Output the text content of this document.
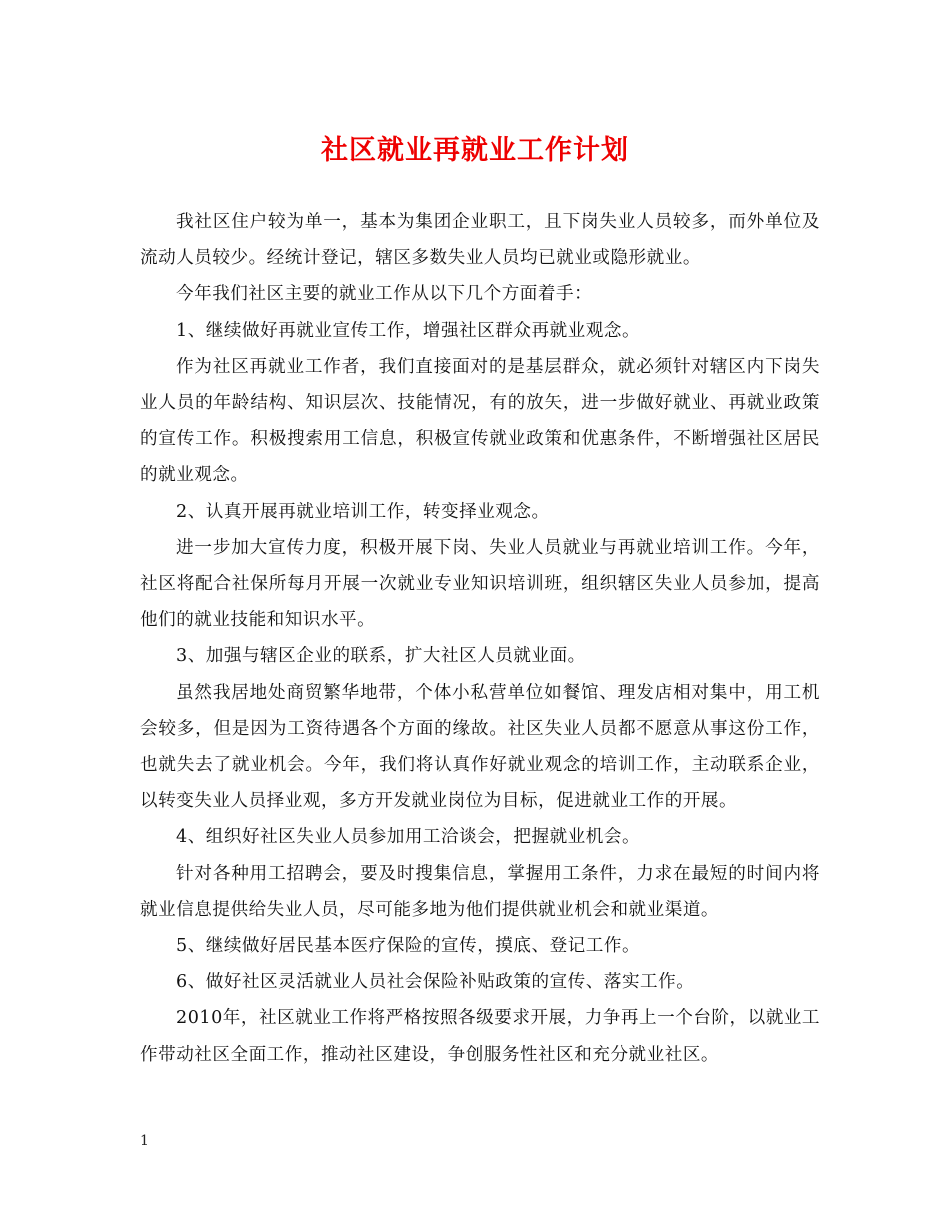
社区就业再就业工作计划

我社区住户较为单一，基本为集团企业职工，且下岗失业人员较多，而外单位及流动人员较少。经统计登记，辖区多数失业人员均已就业或隐形就业。

今年我们社区主要的就业工作从以下几个方面着手：

1、继续做好再就业宣传工作，增强社区群众再就业观念。

作为社区再就业工作者，我们直接面对的是基层群众，就必须针对辖区内下岗失业人员的年龄结构、知识层次、技能情况，有的放矢，进一步做好就业、再就业政策的宣传工作。积极搜索用工信息，积极宣传就业政策和优惠条件，不断增强社区居民的就业观念。

2、认真开展再就业培训工作，转变择业观念。

进一步加大宣传力度，积极开展下岗、失业人员就业与再就业培训工作。今年，社区将配合社保所每月开展一次就业专业知识培训班，组织辖区失业人员参加，提高他们的就业技能和知识水平。

3、加强与辖区企业的联系，扩大社区人员就业面。

虽然我居地处商贸繁华地带，个体小私营单位如餐馆、理发店相对集中，用工机会较多，但是因为工资待遇各个方面的缘故。社区失业人员都不愿意从事这份工作，也就失去了就业机会。今年，我们将认真作好就业观念的培训工作，主动联系企业，以转变失业人员择业观，多方开发就业岗位为目标，促进就业工作的开展。

4、组织好社区失业人员参加用工洽谈会，把握就业机会。

针对各种用工招聘会，要及时搜集信息，掌握用工条件，力求在最短的时间内将就业信息提供给失业人员，尽可能多地为他们提供就业机会和就业渠道。

5、继续做好居民基本医疗保险的宣传，摸底、登记工作。

6、做好社区灵活就业人员社会保险补贴政策的宣传、落实工作。

2010年，社区就业工作将严格按照各级要求开展，力争再上一个台阶，以就业工作带动社区全面工作，推动社区建设，争创服务性社区和充分就业社区。

1
